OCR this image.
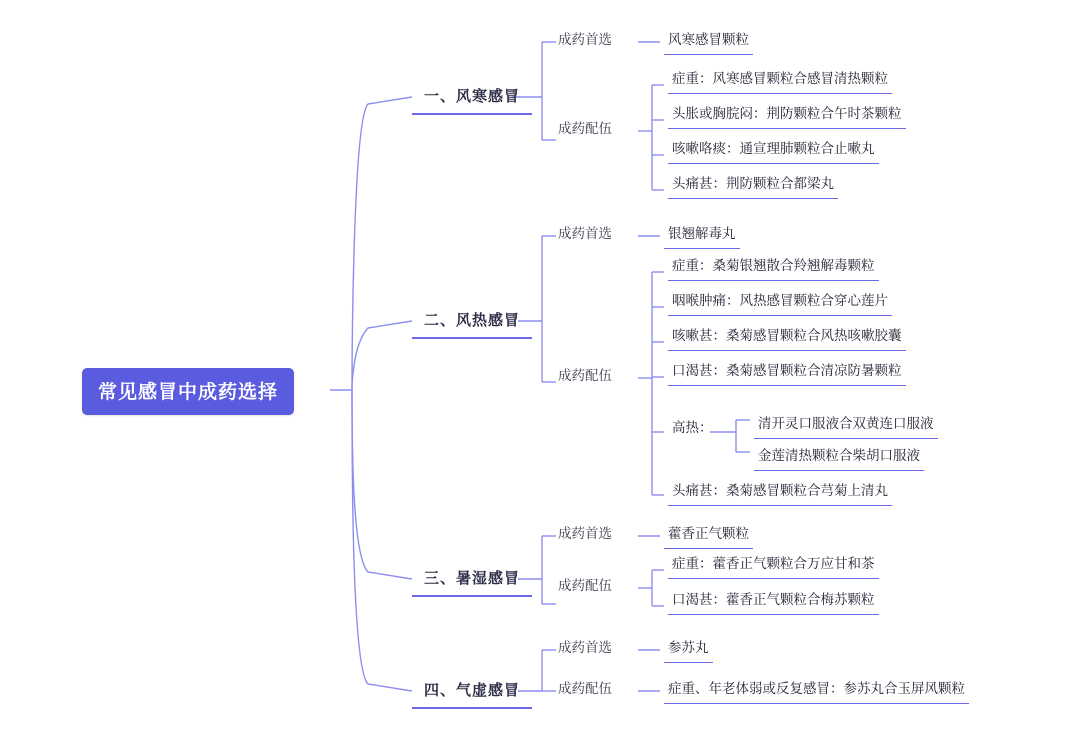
常见感冒中成药选择
一、风寒感冒
成药首选	风寒感冒颗粒
成药配伍
症重：风寒感冒颗粒合感冒清热颗粒
头胀或胸脘闷：荆防颗粒合午时茶颗粒
咳嗽咯痰：通宣理肺颗粒合止嗽丸
头痛甚：荆防颗粒合都梁丸
二、风热感冒
成药首选	银翘解毒丸
成药配伍
症重：桑菊银翘散合羚翘解毒颗粒
咽喉肿痛：风热感冒颗粒合穿心莲片
咳嗽甚：桑菊感冒颗粒合风热咳嗽胶囊
口渴甚：桑菊感冒颗粒合清凉防暑颗粒
高热：	清开灵口服液合双黄连口服液
金莲清热颗粒合柴胡口服液
头痛甚：桑菊感冒颗粒合芎菊上清丸
三、暑湿感冒
成药首选	藿香正气颗粒
成药配伍
症重：藿香正气颗粒合万应甘和茶
口渴甚：藿香正气颗粒合梅苏颗粒
四、气虚感冒
成药首选	参苏丸
成药配伍	症重、年老体弱或反复感冒：参苏丸合玉屏风颗粒
